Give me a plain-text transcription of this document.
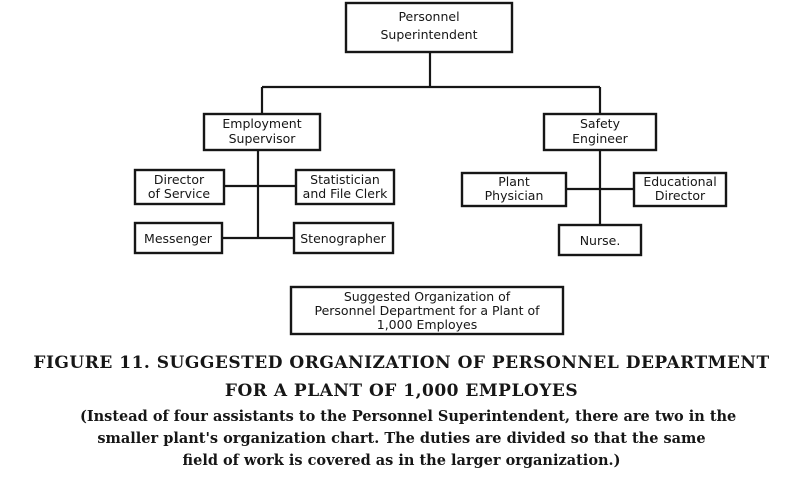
Personnel
Superintendent
Employment
Supervisor
Safety
Engineer
Director
of Service
Statistician
and File Clerk
Messenger	Stenographer
Plant
Physician
Educational
Director
Nurse.
Suggested Organization of
Personnel Department for a Plant of
1,000 Employes
FIGURE 11. SUGGESTED ORGANIZATION OF PERSONNEL DEPARTMENT
FOR A PLANT OF 1,000 EMPLOYES

(Instead of four assistants to the Personnel Superintendent, there are two in the
smaller plant's organization chart. The duties are divided so that the same
field of work is covered as in the larger organization.)
